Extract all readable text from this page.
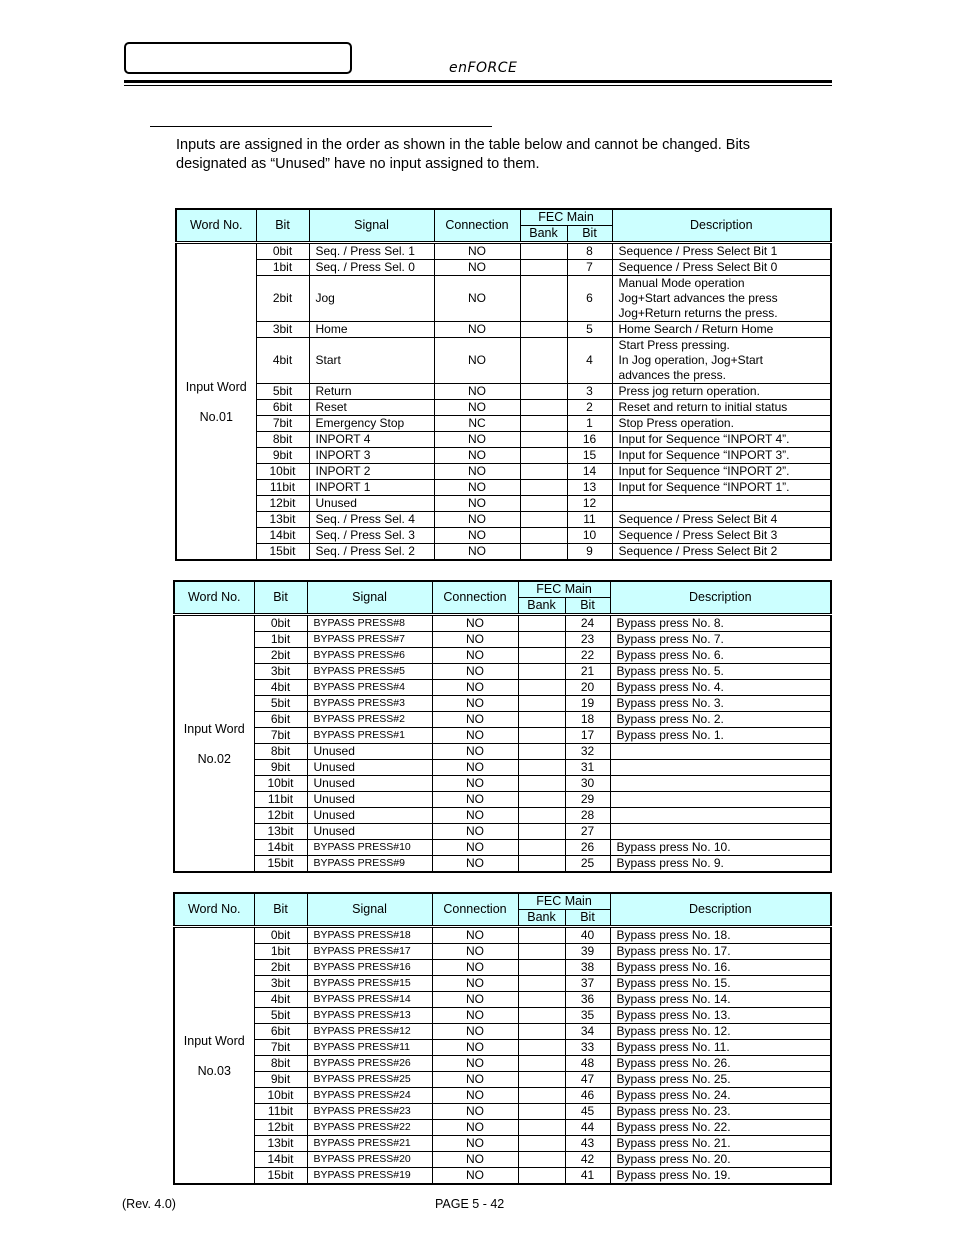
enFORCE
Inputs are assigned in the order as shown in the table below and cannot be changed. Bits designated as “Unused” have no input assigned to them.
Word No.	Bit	Signal	Connection	FEC Main		Description
				Bank	Bit	

Input Word
No.01	0bit	Seq. / Press Sel. 1	NO		8	Sequence / Press Select Bit 1
	1bit	Seq. / Press Sel. 0	NO		7	Sequence / Press Select Bit 0
	2bit	Jog	NO		6	Manual Mode operation
Jog+Start advances the press
Jog+Return returns the press.
	3bit	Home	NO		5	Home Search / Return Home
	4bit	Start	NO		4	Start Press pressing.
In Jog operation, Jog+Start
advances the press.
	5bit	Return	NO		3	Press jog return operation.
	6bit	Reset	NO		2	Reset and return to initial status
	7bit	Emergency Stop	NC		1	Stop Press operation.
	8bit	INPORT 4	NO		16	Input for Sequence “INPORT 4”.
	9bit	INPORT 3	NO		15	Input for Sequence “INPORT 3”.
	10bit	INPORT 2	NO		14	Input for Sequence “INPORT 2”.
	11bit	INPORT 1	NO		13	Input for Sequence “INPORT 1”.
	12bit	Unused	NO		12	
	13bit	Seq. / Press Sel. 4	NO		11	Sequence / Press Select Bit 4
	14bit	Seq. / Press Sel. 3	NO		10	Sequence / Press Select Bit 3
	15bit	Seq. / Press Sel. 2	NO		9	Sequence / Press Select Bit 2
Word No.	Bit	Signal	Connection	FEC Main		Description
				Bank	Bit	

Input Word
No.02	0bit	BYPASS PRESS#8	NO		24	Bypass press No. 8.
	1bit	BYPASS PRESS#7	NO		23	Bypass press No. 7.
	2bit	BYPASS PRESS#6	NO		22	Bypass press No. 6.
	3bit	BYPASS PRESS#5	NO		21	Bypass press No. 5.
	4bit	BYPASS PRESS#4	NO		20	Bypass press No. 4.
	5bit	BYPASS PRESS#3	NO		19	Bypass press No. 3.
	6bit	BYPASS PRESS#2	NO		18	Bypass press No. 2.
	7bit	BYPASS PRESS#1	NO		17	Bypass press No. 1.
	8bit	Unused	NO		32	
	9bit	Unused	NO		31	
	10bit	Unused	NO		30	
	11bit	Unused	NO		29	
	12bit	Unused	NO		28	
	13bit	Unused	NO		27	
	14bit	BYPASS PRESS#10	NO		26	Bypass press No. 10.
	15bit	BYPASS PRESS#9	NO		25	Bypass press No. 9.
Word No.	Bit	Signal	Connection	FEC Main		Description
				Bank	Bit	

Input Word
No.03	0bit	BYPASS PRESS#18	NO		40	Bypass press No. 18.
	1bit	BYPASS PRESS#17	NO		39	Bypass press No. 17.
	2bit	BYPASS PRESS#16	NO		38	Bypass press No. 16.
	3bit	BYPASS PRESS#15	NO		37	Bypass press No. 15.
	4bit	BYPASS PRESS#14	NO		36	Bypass press No. 14.
	5bit	BYPASS PRESS#13	NO		35	Bypass press No. 13.
	6bit	BYPASS PRESS#12	NO		34	Bypass press No. 12.
	7bit	BYPASS PRESS#11	NO		33	Bypass press No. 11.
	8bit	BYPASS PRESS#26	NO		48	Bypass press No. 26.
	9bit	BYPASS PRESS#25	NO		47	Bypass press No. 25.
	10bit	BYPASS PRESS#24	NO		46	Bypass press No. 24.
	11bit	BYPASS PRESS#23	NO		45	Bypass press No. 23.
	12bit	BYPASS PRESS#22	NO		44	Bypass press No. 22.
	13bit	BYPASS PRESS#21	NO		43	Bypass press No. 21.
	14bit	BYPASS PRESS#20	NO		42	Bypass press No. 20.
	15bit	BYPASS PRESS#19	NO		41	Bypass press No. 19.
(Rev. 4.0)	PAGE 5 - 42
